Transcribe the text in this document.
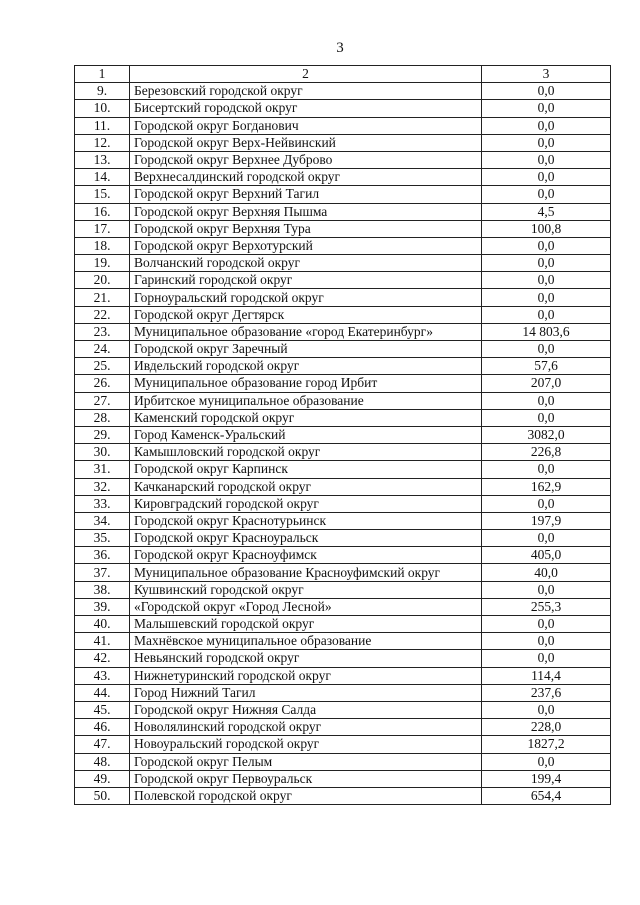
3
1	2	3
9.	Березовский городской округ	0,0
10.	Бисертский городской округ	0,0
11.	Городской округ Богданович	0,0
12.	Городской округ Верх-Нейвинский	0,0
13.	Городской округ Верхнее Дуброво	0,0
14.	Верхнесалдинский городской округ	0,0
15.	Городской округ Верхний Тагил	0,0
16.	Городской округ Верхняя Пышма	4,5
17.	Городской округ Верхняя Тура	100,8
18.	Городской округ Верхотурский	0,0
19.	Волчанский городской округ	0,0
20.	Гаринский городской округ	0,0
21.	Горноуральский городской округ	0,0
22.	Городской округ Дегтярск	0,0
23.	Муниципальное образование «город Екатеринбург»	14 803,6
24.	Городской округ Заречный	0,0
25.	Ивдельский городской округ	57,6
26.	Муниципальное образование город Ирбит	207,0
27.	Ирбитское муниципальное образование	0,0
28.	Каменский городской округ	0,0
29.	Город Каменск-Уральский	3082,0
30.	Камышловский городской округ	226,8
31.	Городской округ Карпинск	0,0
32.	Качканарский городской округ	162,9
33.	Кировградский городской округ	0,0
34.	Городской округ Краснотурьинск	197,9
35.	Городской округ Красноуральск	0,0
36.	Городской округ Красноуфимск	405,0
37.	Муниципальное образование Красноуфимский округ	40,0
38.	Кушвинский городской округ	0,0
39.	«Городской округ «Город Лесной»	255,3
40.	Малышевский городской округ	0,0
41.	Махнёвское муниципальное образование	0,0
42.	Невьянский городской округ	0,0
43.	Нижнетуринский городской округ	114,4
44.	Город Нижний Тагил	237,6
45.	Городской округ Нижняя Салда	0,0
46.	Новолялинский городской округ	228,0
47.	Новоуральский городской округ	1827,2
48.	Городской округ Пелым	0,0
49.	Городской округ Первоуральск	199,4
50.	Полевской городской округ	654,4
